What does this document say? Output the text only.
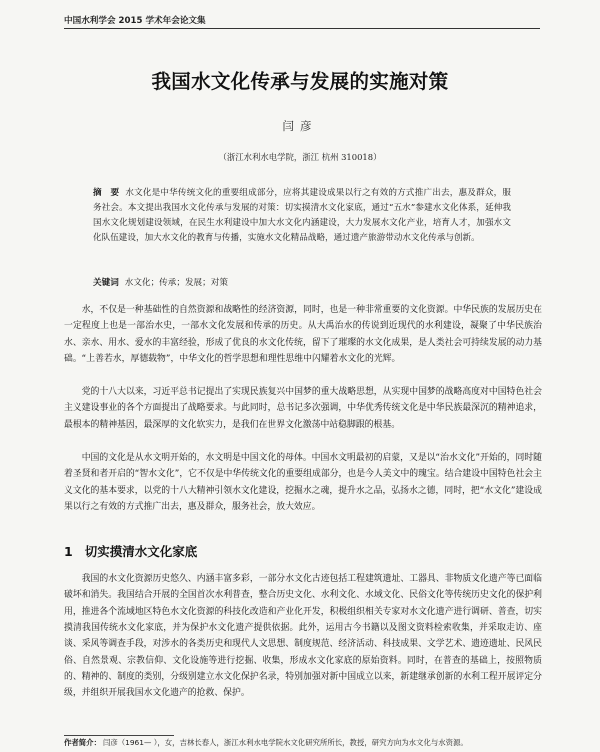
中国水利学会 2015 学术年会论文集
我国水文化传承与发展的实施对策
闫彦
（浙江水利水电学院，浙江 杭州 310018）
摘　要 水文化是中华传统文化的重要组成部分，应将其建设成果以行之有效的方式推广出去，惠及群众，服务社会。本文提出我国水文化传承与发展的对策：切实摸清水文化家底，通过“五水”参建水文化体系，延伸我国水文化规划建设领域，在民生水利建设中加大水文化内涵建设，大力发展水文化产业，培育人才，加强水文化队伍建设，加大水文化的教育与传播，实施水文化精品战略，通过遗产旅游带动水文化传承与创新。
关键词 水文化；传承；发展；对策

水，不仅是一种基础性的自然资源和战略性的经济资源，同时，也是一种非常重要的文化资源。中华民族的发展历史在一定程度上也是一部治水史，一部水文化发展和传承的历史。从大禹治水的传说到近现代的水利建设，凝聚了中华民族治水、亲水、用水、爱水的丰富经验，形成了优良的水文化传统，留下了璀璨的水文化成果，是人类社会可持续发展的动力基础。“上善若水，厚德载物”，中华文化的哲学思想和理性思维中闪耀着水文化的光辉。

党的十八大以来，习近平总书记提出了实现民族复兴中国梦的重大战略思想，从实现中国梦的战略高度对中国特色社会主义建设事业的各个方面提出了战略要求。与此同时，总书记多次强调，中华优秀传统文化是中华民族最深沉的精神追求，最根本的精神基因，最深厚的文化软实力，是我们在世界文化激荡中站稳脚跟的根基。

中国的文化是从水文明开始的，水文明是中国文化的母体。中国水文明最初的启蒙，又是以“治水文化”开始的，同时随着圣贤和者开启的“智水文化”，它不仅是中华传统文化的重要组成部分，也是今人美文中的瑰宝。结合建设中国特色社会主义文化的基本要求，以党的十八大精神引领水文化建设，挖掘水之魂，提升水之品，弘扬水之德，同时，把“水文化”建设成果以行之有效的方式推广出去，惠及群众，服务社会，放大效应。

1 切实摸清水文化家底

我国的水文化资源历史悠久、内涵丰富多彩，一部分水文化古迹包括工程建筑遗址、工器具、非物质文化遗产等已面临破坏和消失。我国结合开展的全国首次水利普查，整合历史文化、水利文化、水域文化、民俗文化等传统历史文化的保护利用，推进各个流域地区特色水文化资源的科技化改造和产业化开发，积极组织相关专家对水文化遗产进行调研、普查，切实摸清我国传统水文化家底，并为保护水文化遗产提供依据。此外，运用古今书籍以及图文资料检索收集，并采取走访、座谈、采风等调查手段，对涉水的各类历史和现代人文思想、制度规范、经济活动、科技成果、文学艺术、遗迹遗址、民风民俗、自然景观、宗教信仰、文化设施等进行挖掘、收集，形成水文化家底的原始资料。同时，在普查的基础上，按照物质的、精神的、制度的类别，分级别建立水文化保护名录，特别加强对新中国成立以来，新建继承创新的水利工程开展评定分级，并组织开展我国水文化遗产的抢救、保护。

作者简介： 闫彦（1961— ），女，吉林长春人，浙江水利水电学院水文化研究所所长，教授，研究方向为水文化与水资源。
